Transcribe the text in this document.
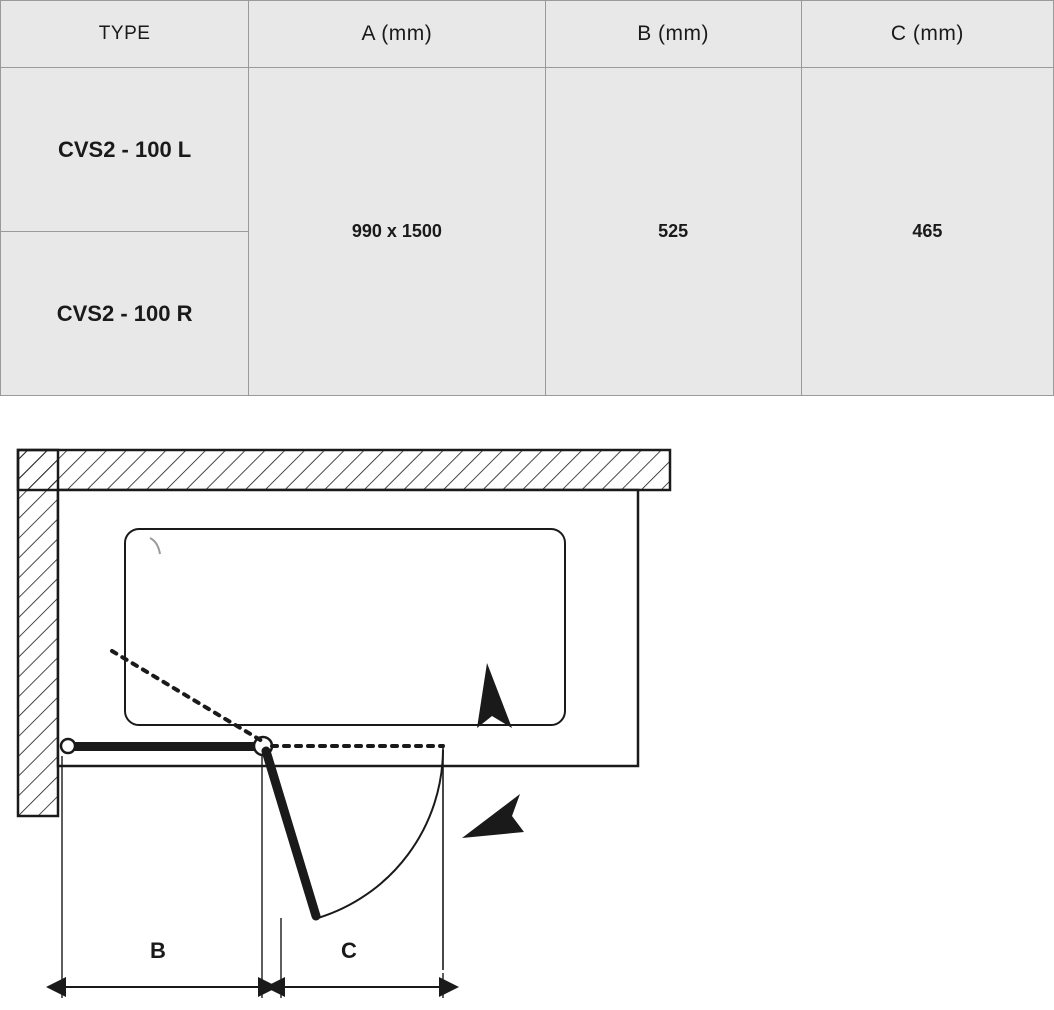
TYPE	A (mm)	B (mm)	C (mm)
CVS2 - 100 L	990 x 1500	525	465
CVS2 - 100 R			
B	C
